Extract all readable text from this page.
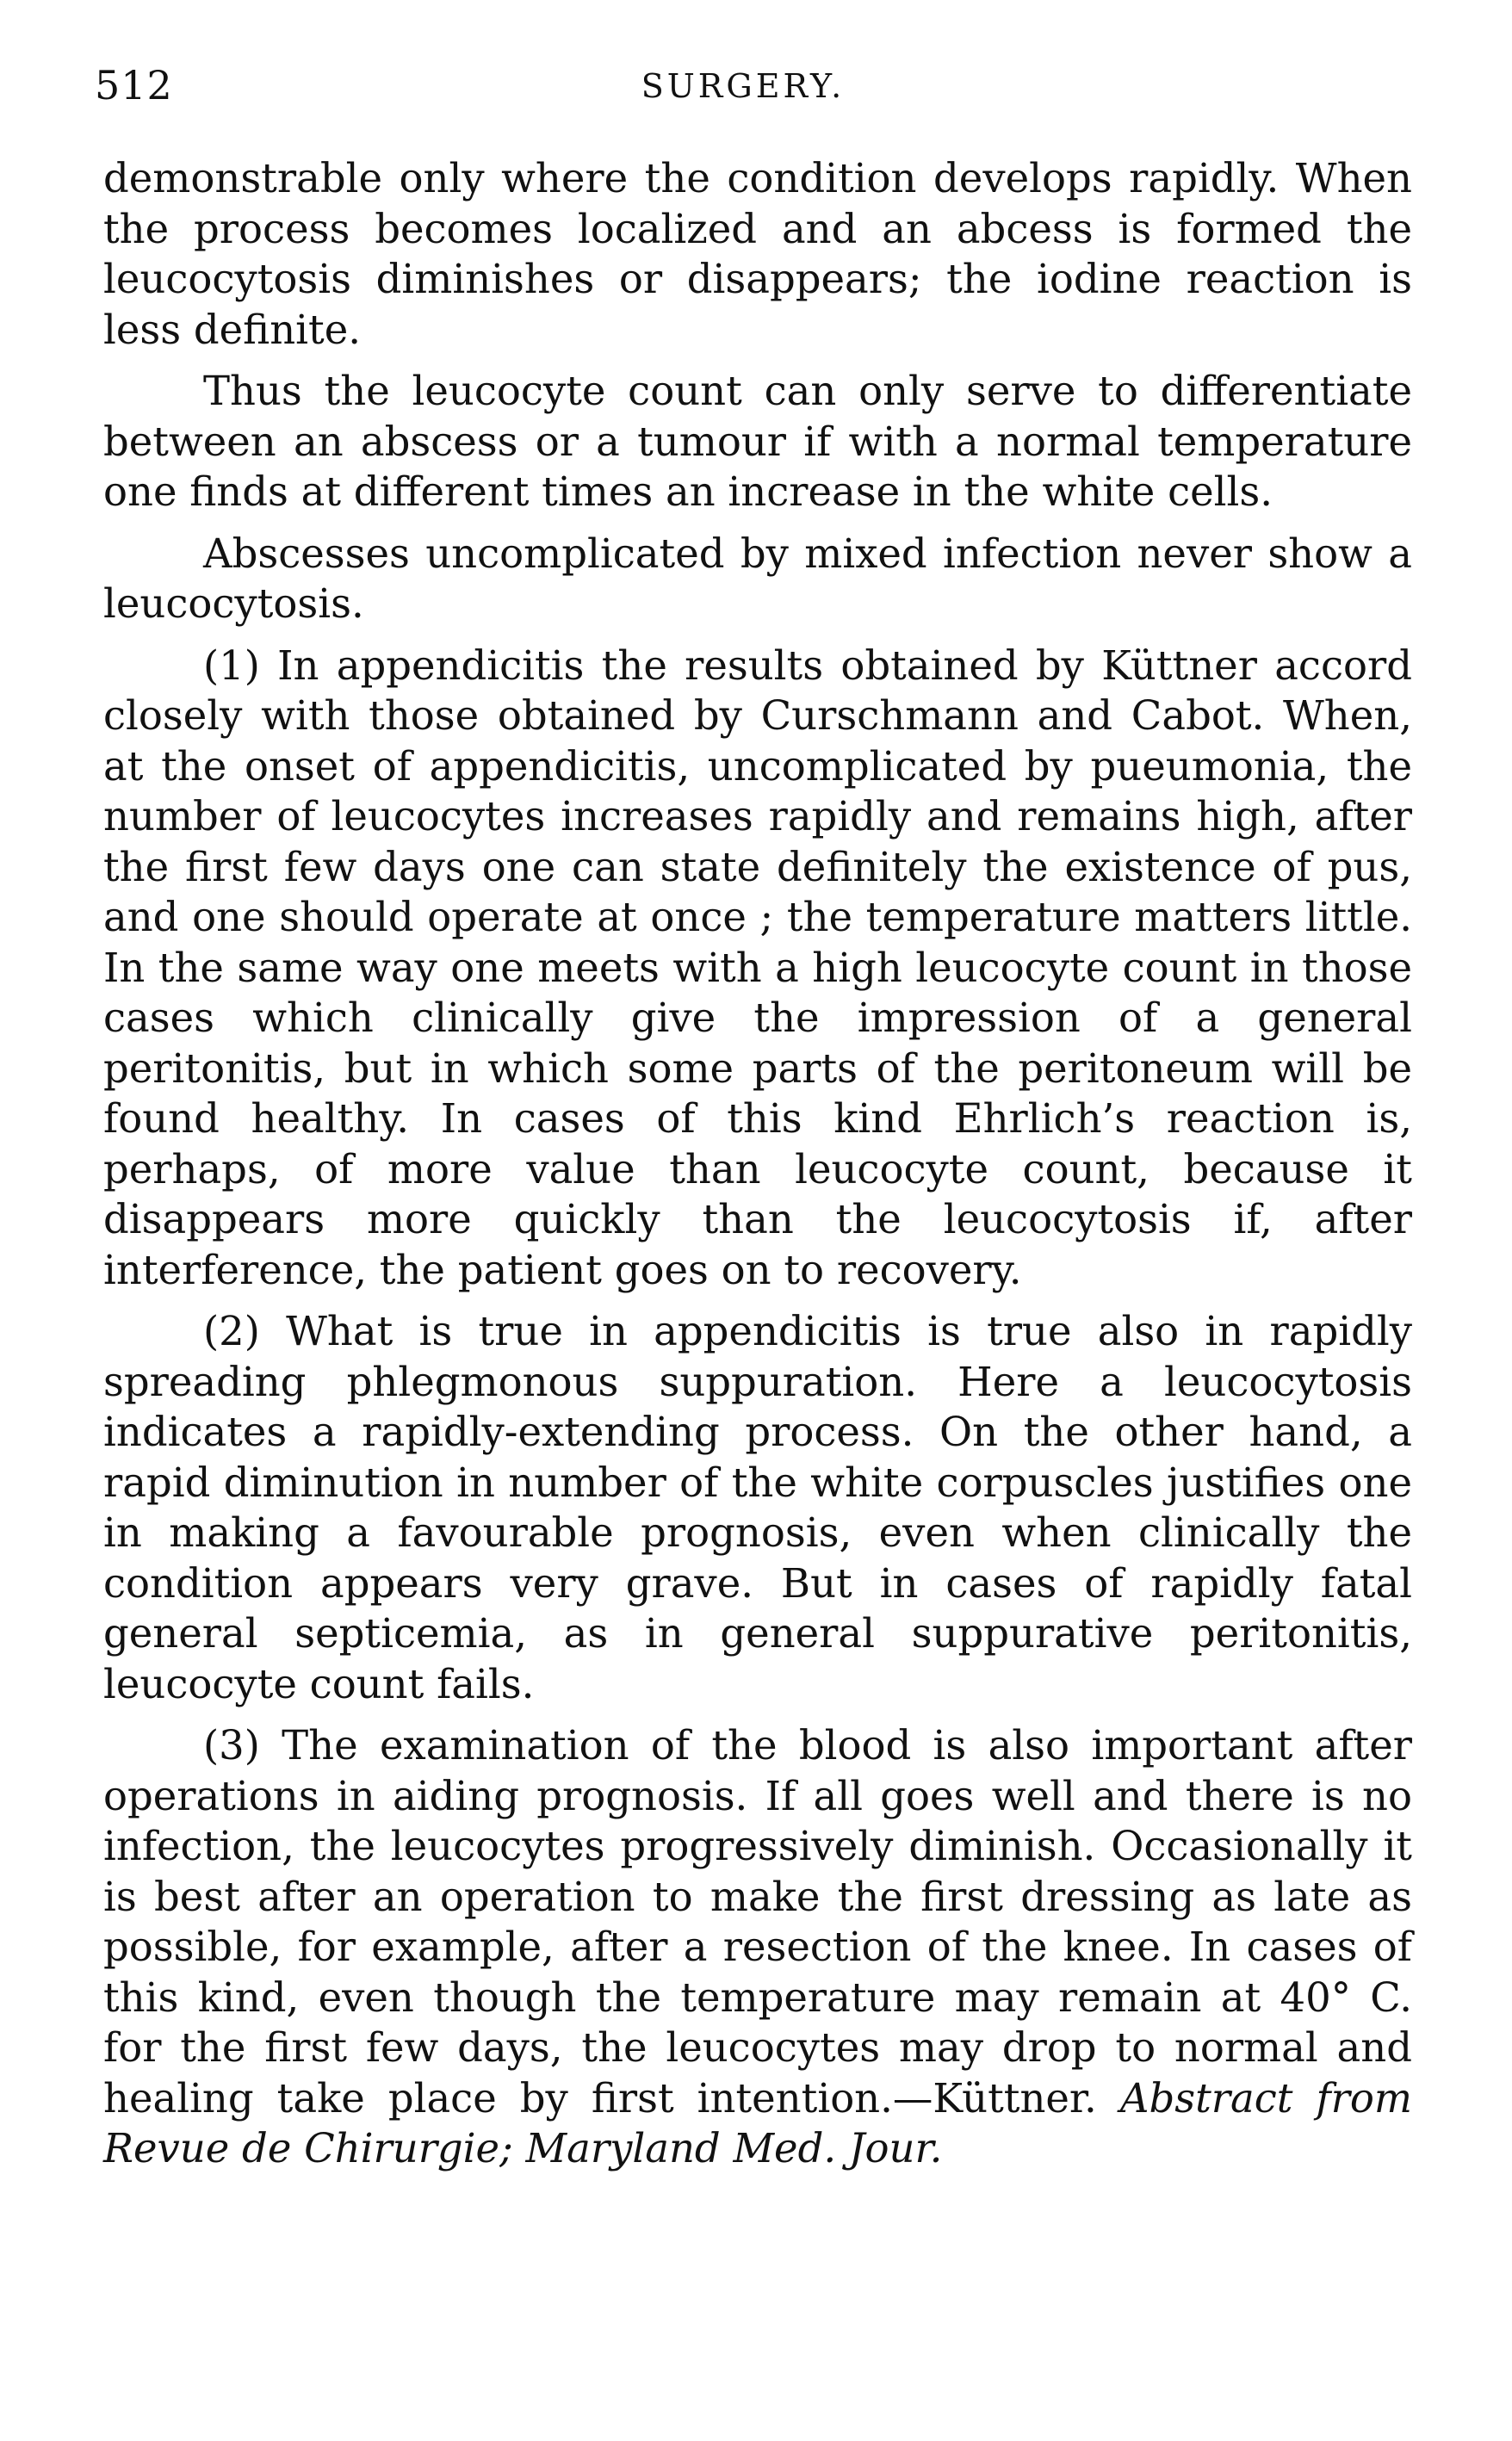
512	SURGERY.

demonstrable only where the condition develops rapidly. When the process becomes localized and an abcess is formed the leucocytosis diminishes or disappears; the iodine reaction is less definite.

Thus the leucocyte count can only serve to differentiate between an abscess or a tumour if with a normal temperature one finds at different times an increase in the white cells.

Abscesses uncomplicated by mixed infection never show a leucocytosis.

(1) In appendicitis the results obtained by Küttner accord closely with those obtained by Curschmann and Cabot. When, at the onset of appendicitis, uncomplicated by pueumonia, the number of leucocytes increases rapidly and remains high, after the first few days one can state definitely the existence of pus, and one should operate at once ; the temperature matters little. In the same way one meets with a high leucocyte count in those cases which clinically give the impression of a general peritonitis, but in which some parts of the peritoneum will be found healthy. In cases of this kind Ehrlich’s reaction is, perhaps, of more value than leucocyte count, because it disappears more quickly than the leucocytosis if, after interference, the patient goes on to recovery.

(2) What is true in appendicitis is true also in rapidly spreading phlegmonous suppuration. Here a leucocytosis indicates a rapidly-extending process. On the other hand, a rapid diminution in number of the white corpuscles justifies one in making a favourable prognosis, even when clinically the condition appears very grave. But in cases of rapidly fatal general septicemia, as in general suppurative peritonitis, leucocyte count fails.

(3) The examination of the blood is also important after operations in aiding prognosis. If all goes well and there is no infection, the leucocytes progressively diminish. Occasionally it is best after an operation to make the first dressing as late as possible, for example, after a resection of the knee. In cases of this kind, even though the temperature may remain at 40° C. for the first few days, the leucocytes may drop to normal and healing take place by first intention.—Küttner. Abstract from Revue de Chirurgie; Maryland Med. Jour.
